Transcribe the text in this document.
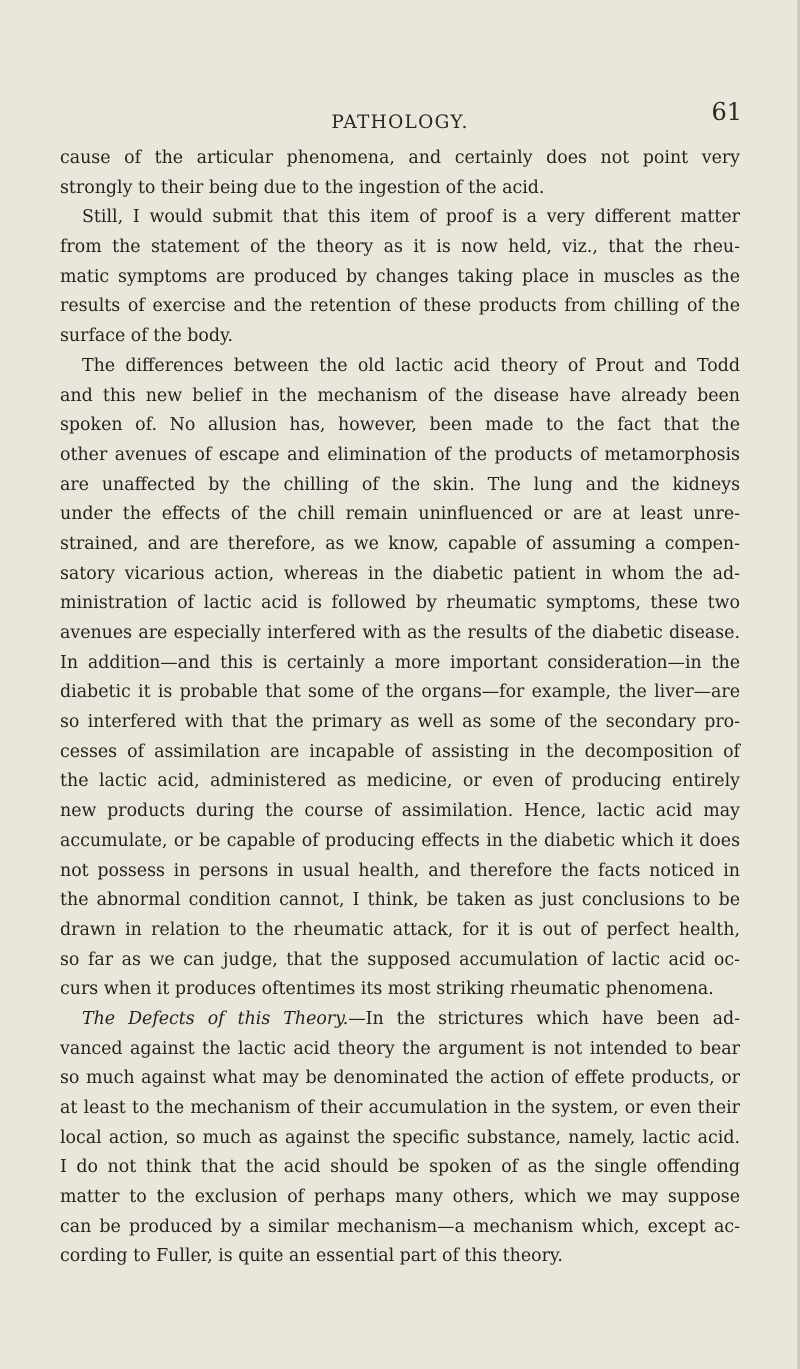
PATHOLOGY.	61
cause of the articular phenomena, and certainly does not point very
strongly to their being due to the ingestion of the acid.
Still, I would submit that this item of proof is a very different matter
from the statement of the theory as it is now held, viz., that the rheu-
matic symptoms are produced by changes taking place in muscles as the
results of exercise and the retention of these products from chilling of the
surface of the body.
The differences between the old lactic acid theory of Prout and Todd
and this new belief in the mechanism of the disease have already been
spoken of. No allusion has, however, been made to the fact that the
other avenues of escape and elimination of the products of metamorphosis
are unaffected by the chilling of the skin. The lung and the kidneys
under the effects of the chill remain uninfluenced or are at least unre-
strained, and are therefore, as we know, capable of assuming a compen-
satory vicarious action, whereas in the diabetic patient in whom the ad-
ministration of lactic acid is followed by rheumatic symptoms, these two
avenues are especially interfered with as the results of the diabetic disease.
In addition—and this is certainly a more important consideration—in the
diabetic it is probable that some of the organs—for example, the liver—are
so interfered with that the primary as well as some of the secondary pro-
cesses of assimilation are incapable of assisting in the decomposition of
the lactic acid, administered as medicine, or even of producing entirely
new products during the course of assimilation. Hence, lactic acid may
accumulate, or be capable of producing effects in the diabetic which it does
not possess in persons in usual health, and therefore the facts noticed in
the abnormal condition cannot, I think, be taken as just conclusions to be
drawn in relation to the rheumatic attack, for it is out of perfect health,
so far as we can judge, that the supposed accumulation of lactic acid oc-
curs when it produces oftentimes its most striking rheumatic phenomena.
The Defects of this Theory.—In the strictures which have been ad-
vanced against the lactic acid theory the argument is not intended to bear
so much against what may be denominated the action of effete products, or
at least to the mechanism of their accumulation in the system, or even their
local action, so much as against the specific substance, namely, lactic acid.
I do not think that the acid should be spoken of as the single offending
matter to the exclusion of perhaps many others, which we may suppose
can be produced by a similar mechanism—a mechanism which, except ac-
cording to Fuller, is quite an essential part of this theory.
